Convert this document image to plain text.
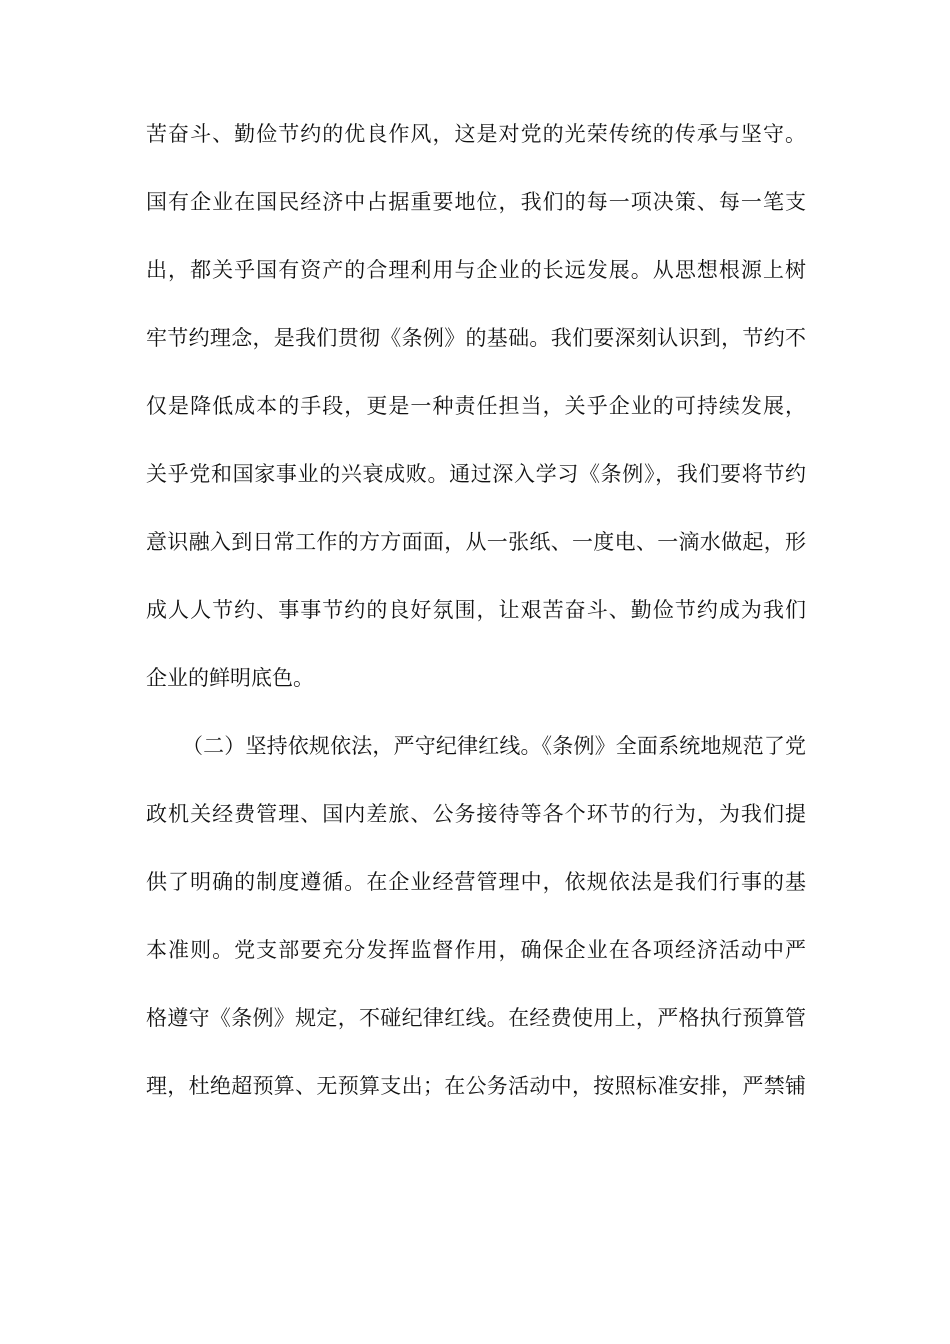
苦奋斗、勤俭节约的优良作风，这是对党的光荣传统的传承与坚守。
国有企业在国民经济中占据重要地位，我们的每一项决策、每一笔支
出，都关乎国有资产的合理利用与企业的长远发展。从思想根源上树
牢节约理念，是我们贯彻《条例》的基础。我们要深刻认识到，节约不
仅是降低成本的手段，更是一种责任担当，关乎企业的可持续发展，
关乎党和国家事业的兴衰成败。通过深入学习《条例》，我们要将节约
意识融入到日常工作的方方面面，从一张纸、一度电、一滴水做起，形
成人人节约、事事节约的良好氛围，让艰苦奋斗、勤俭节约成为我们
企业的鲜明底色。
（二）坚持依规依法，严守纪律红线。《条例》全面系统地规范了党
政机关经费管理、国内差旅、公务接待等各个环节的行为，为我们提
供了明确的制度遵循。在企业经营管理中，依规依法是我们行事的基
本准则。党支部要充分发挥监督作用，确保企业在各项经济活动中严
格遵守《条例》规定，不碰纪律红线。在经费使用上，严格执行预算管
理，杜绝超预算、无预算支出；在公务活动中，按照标准安排，严禁铺
